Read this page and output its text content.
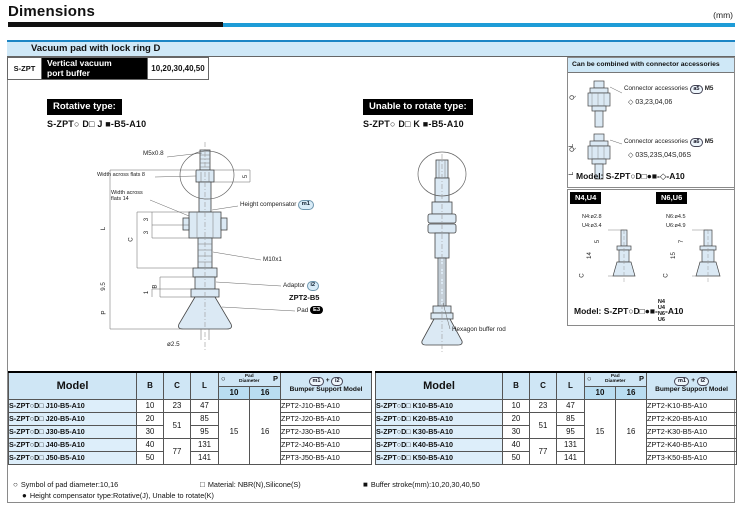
Dimensions	(mm)
Vacuum pad with lock ring D
S-ZPT
Vertical vacuum
port buffer	10,20,30,40,50
Rotative type:
S-ZPT○ D□ J ■-B5-A10
Unable to rotate type:
S-ZPT○ D□ K ■-B5-A10
M5x0.8
Width across flats 8
Width across
flats 14
Height compensator m1
M10x1
Adaptor i2
ZPT2-B5
Pad E3
ø2.5
L
C
3
3
5
B
9.5
1
P
Hexagon buffer rod
Can be combined with connector accessories
Q
L
Connector accessories a5 M5
◇ 03,23,04,06
Q
L
Connector accessories a6 M5
◇ 03S,23S,04S,06S
Model: S-ZPT○D□●■-◇-A10
N4,U4	N6,U6
N4:ø2.8
U4:ø3.4
5
14
C
N6:ø4.5
U6:ø4.9
7
15
C
Model: S-ZPT○D□●■-N4
U4
N6
U6-A10
Model	B	C	L	○ Pad
Diameter P		m1 + i2
Bumper Support Model

				10	16	
S-ZPT○D□ J10-B5-A10	10	23	47	15	16	ZPT2-J10-B5-A10
S-ZPT○D□ J20-B5-A10	20	51	85			ZPT2-J20-B5-A10
S-ZPT○D□ J30-B5-A10	30		95			ZPT2-J30-B5-A10
S-ZPT○D□ J40-B5-A10	40	77	131			ZPT2-J40-B5-A10
S-ZPT○D□ J50-B5-A10	50		141			ZPT3-J50-B5-A10
Model	B	C	L	○ Pad
Diameter P		m1 + i2
Bumper Support Model

				10	16	
S-ZPT○D□ K10-B5-A10	10	23	47	15	16	ZPT2-K10-B5-A10
S-ZPT○D□ K20-B5-A10	20	51	85			ZPT2-K20-B5-A10
S-ZPT○D□ K30-B5-A10	30		95			ZPT2-K30-B5-A10
S-ZPT○D□ K40-B5-A10	40	77	131			ZPT2-K40-B5-A10
S-ZPT○D□ K50-B5-A10	50		141			ZPT3-K50-B5-A10
○ Symbol of pad diameter:10,16	□ Material: NBR(N),Silicone(S)	■ Buffer stroke(mm):10,20,30,40,50
● Height compensator type:Rotative(J), Unable to rotate(K)
